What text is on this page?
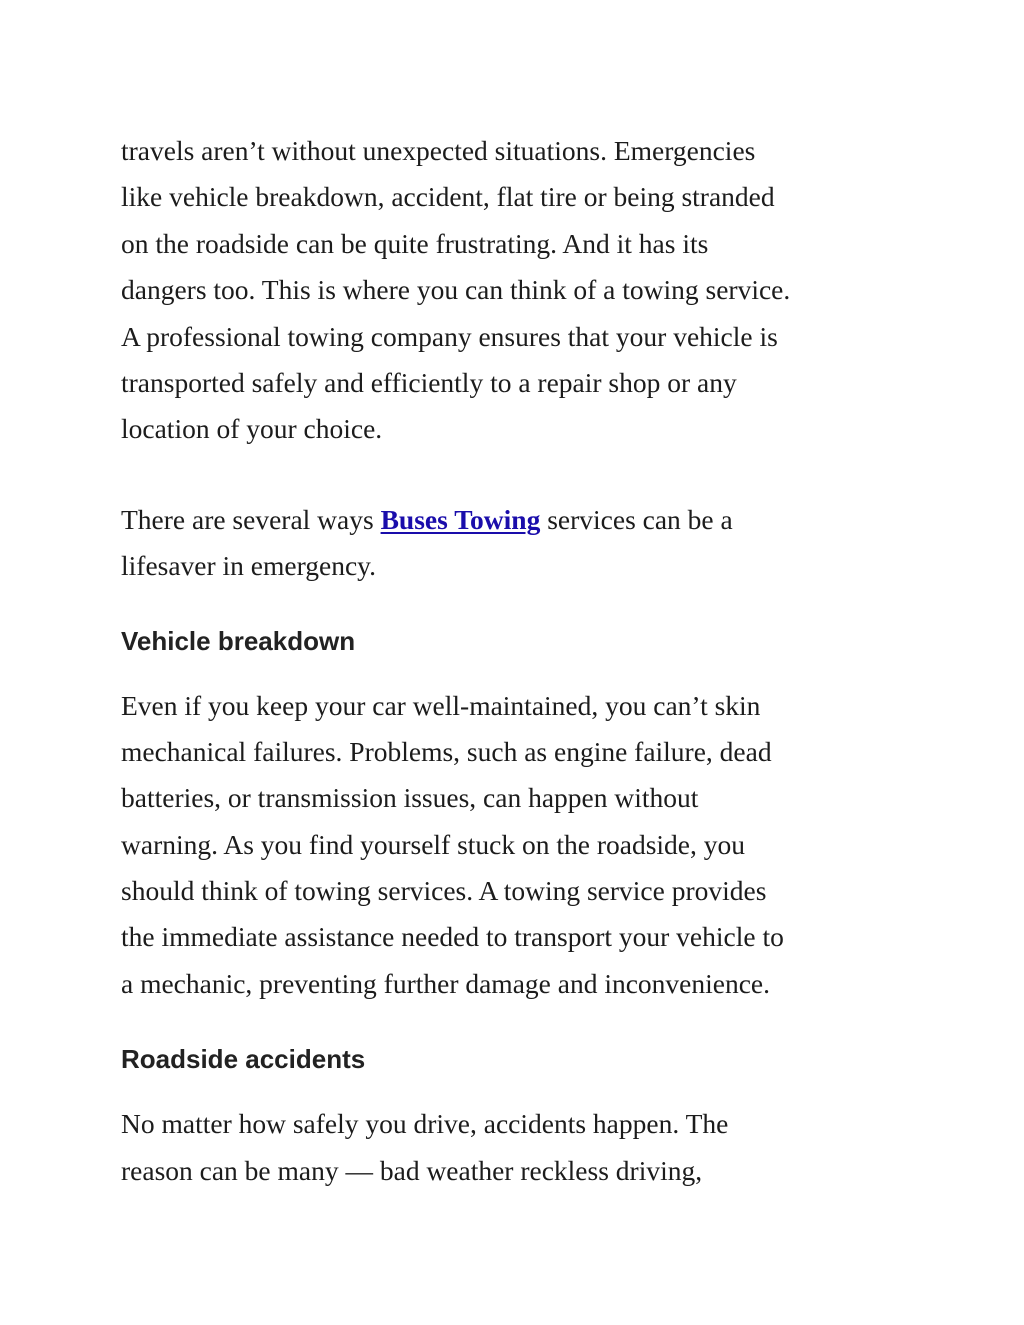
travels aren’t without unexpected situations. Emergencies
like vehicle breakdown, accident, flat tire or being stranded
on the roadside can be quite frustrating. And it has its
dangers too. This is where you can think of a towing service.
A professional towing company ensures that your vehicle is
transported safely and efficiently to a repair shop or any
location of your choice.

There are several ways Buses Towing services can be a
lifesaver in emergency.

Vehicle breakdown

Even if you keep your car well-maintained, you can’t skin
mechanical failures. Problems, such as engine failure, dead
batteries, or transmission issues, can happen without
warning. As you find yourself stuck on the roadside, you
should think of towing services. A towing service provides
the immediate assistance needed to transport your vehicle to
a mechanic, preventing further damage and inconvenience.

Roadside accidents

No matter how safely you drive, accidents happen. The
reason can be many — bad weather reckless driving,
